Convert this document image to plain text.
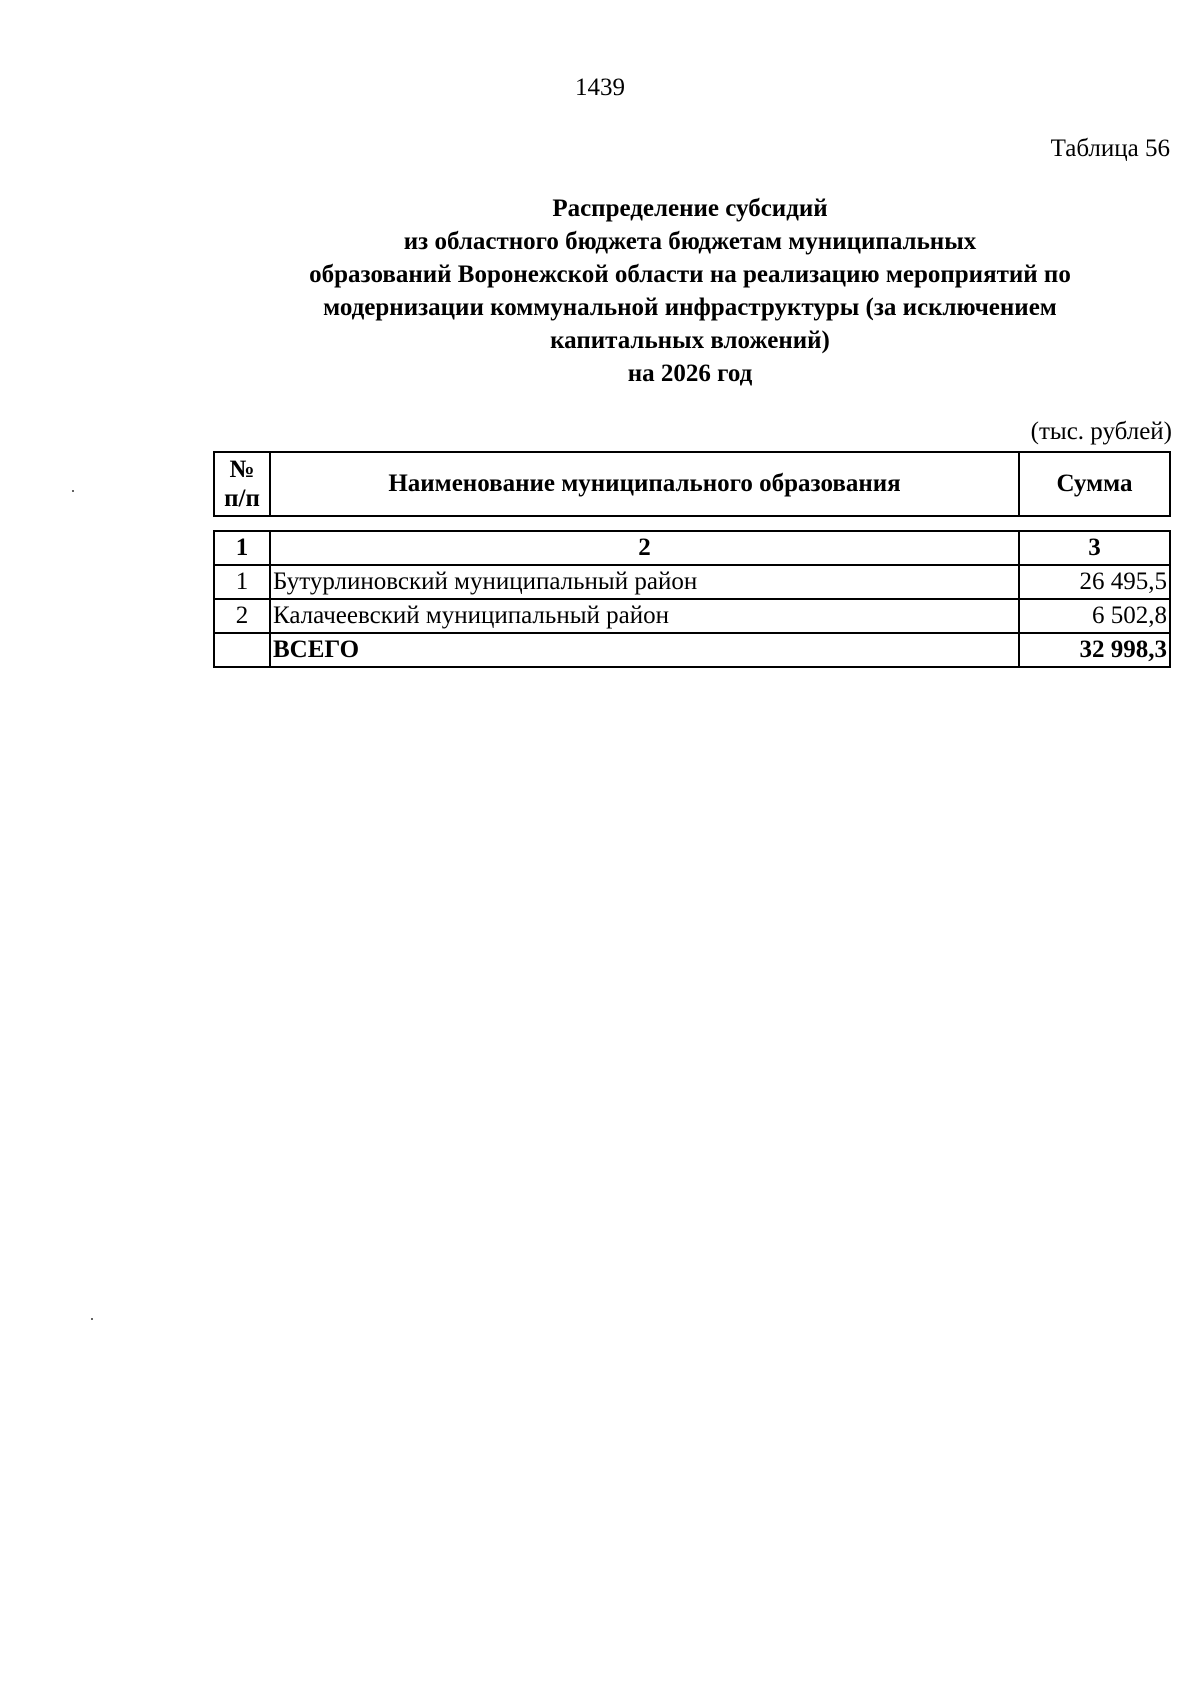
1439
Таблица 56
Распределение субсидий
из областного бюджета бюджетам муниципальных
образований Воронежской области на реализацию мероприятий по
модернизации коммунальной инфраструктуры (за исключением
капитальных вложений)
на 2026 год
(тыс. рублей)
№
п/п	Наименование муниципального образования	Сумма
1	2	3
1	Бутурлиновский муниципальный район	26 495,5
2	Калачеевский муниципальный район	6 502,8
	ВСЕГО	32 998,3
